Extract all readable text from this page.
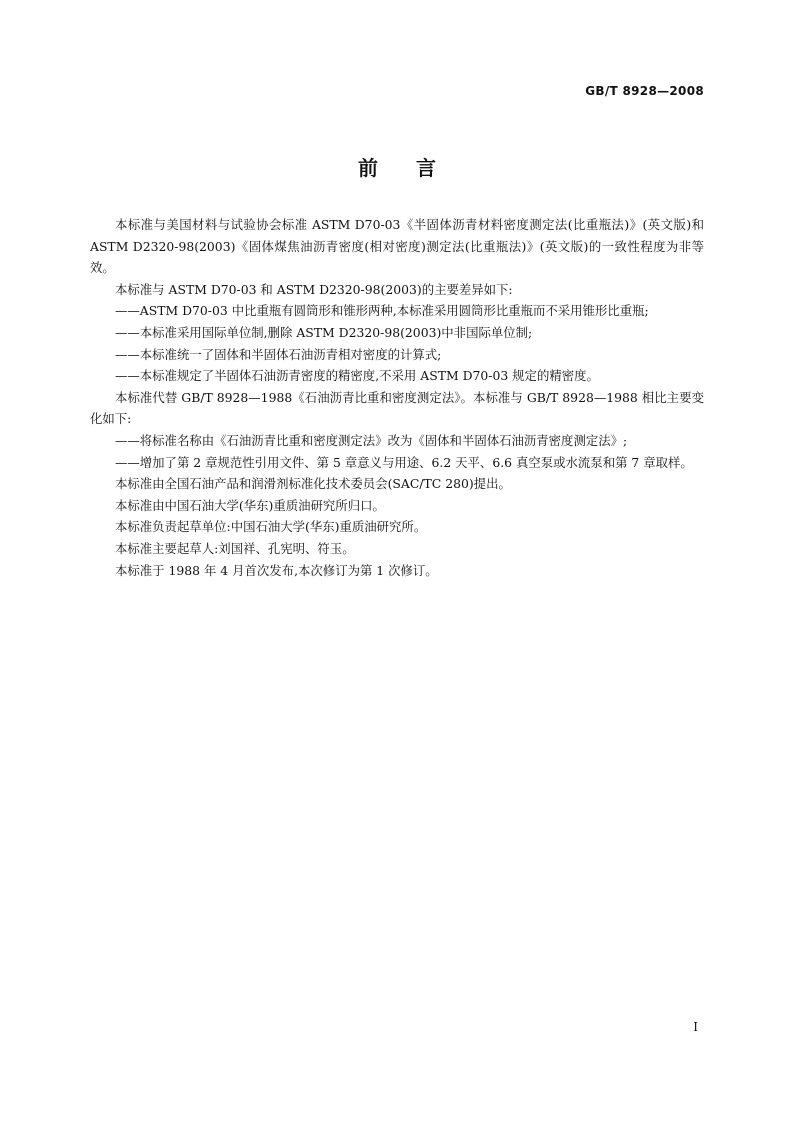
GB/T 8928—2008
前 言

本标准与美国材料与试验协会标准 ASTM D70-03《半固体沥青材料密度测定法(比重瓶法)》(英文版)和 ASTM D2320-98(2003)《固体煤焦油沥青密度(相对密度)测定法(比重瓶法)》(英文版)的一致性程度为非等效。

本标准与 ASTM D70-03 和 ASTM D2320-98(2003)的主要差异如下:

——ASTM D70-03 中比重瓶有圆筒形和锥形两种,本标准采用圆筒形比重瓶而不采用锥形比重瓶;

——本标准采用国际单位制,删除 ASTM D2320-98(2003)中非国际单位制;

——本标准统一了固体和半固体石油沥青相对密度的计算式;

——本标准规定了半固体石油沥青密度的精密度,不采用 ASTM D70-03 规定的精密度。

本标准代替 GB/T 8928—1988《石油沥青比重和密度测定法》。本标准与 GB/T 8928—1988 相比主要变化如下:

——将标准名称由《石油沥青比重和密度测定法》改为《固体和半固体石油沥青密度测定法》;

——增加了第 2 章规范性引用文件、第 5 章意义与用途、6.2 天平、6.6 真空泵或水流泵和第 7 章取样。

本标准由全国石油产品和润滑剂标准化技术委员会(SAC/TC 280)提出。

本标准由中国石油大学(华东)重质油研究所归口。

本标准负责起草单位:中国石油大学(华东)重质油研究所。

本标准主要起草人:刘国祥、孔宪明、符玉。

本标准于 1988 年 4 月首次发布,本次修订为第 1 次修订。

I
